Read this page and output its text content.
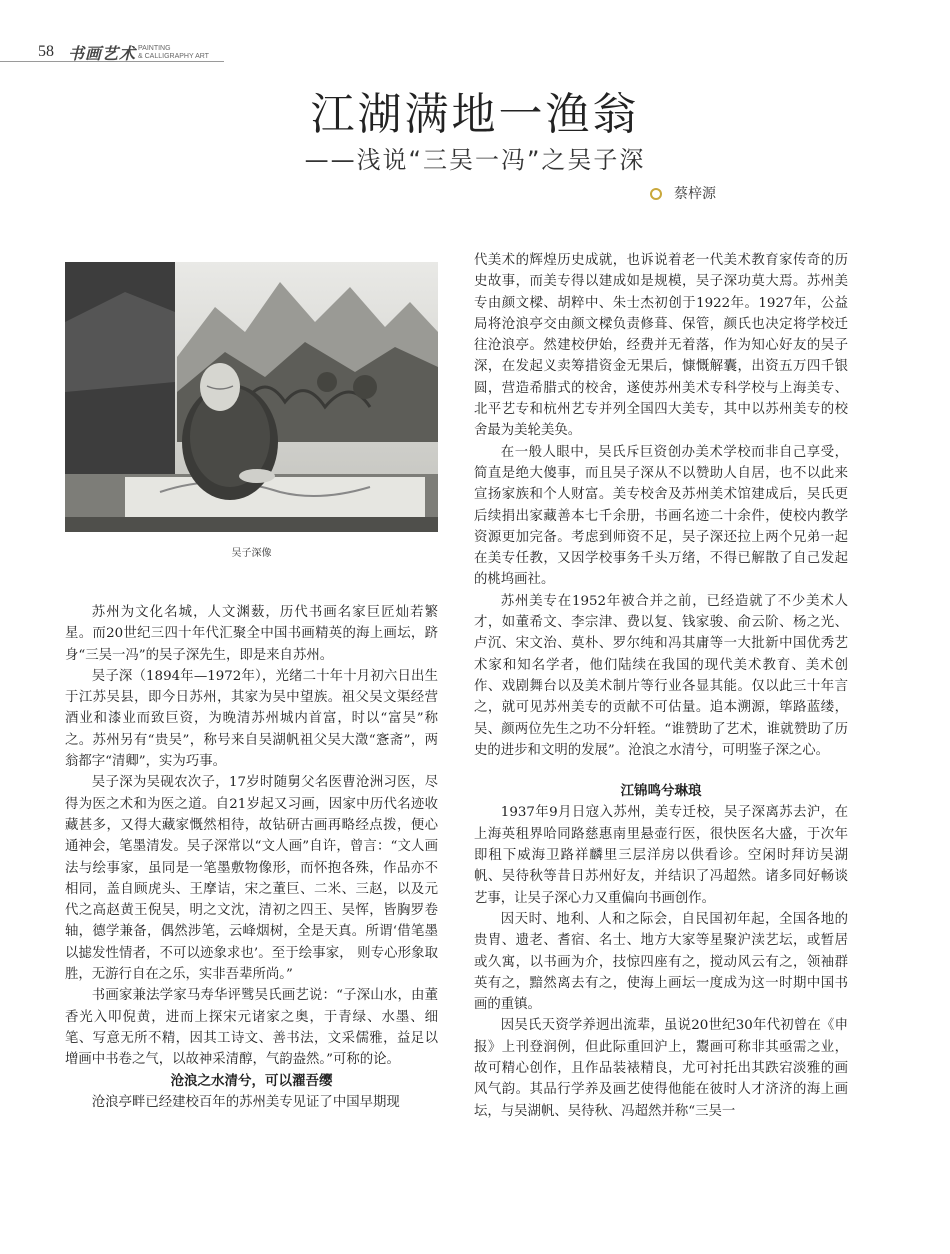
58 书画艺术 PAINTING
& CALLIGRAPHY ART
江湖满地一渔翁
——浅说“三吴一冯”之吴子深
蔡梓源
吴子深像

苏州为文化名城，人文渊薮，历代书画名家巨匠灿若繁星。而20世纪三四十年代汇聚全中国书画精英的海上画坛，跻身“三吴一冯”的吴子深先生，即是来自苏州。

吴子深（1894年—1972年），光绪二十年十月初六日出生于江苏吴县，即今日苏州，其家为吴中望族。祖父吴文渠经营酒业和漆业而致巨资，为晚清苏州城内首富，时以“富吴”称之。苏州另有“贵吴”，称号来自吴湖帆祖父吴大澂“愙斋”，两翁都字“清卿”，实为巧事。

吴子深为吴砚农次子，17岁时随舅父名医曹沧洲习医，尽得为医之术和为医之道。自21岁起又习画，因家中历代名迹收藏甚多，又得大藏家慨然相待，故钻研古画再略经点拨，便心通神会，笔墨清发。吴子深常以“文人画”自许，曾言：“文人画法与绘事家，虽同是一笔墨敷物像形，而怀抱各殊，作品亦不相同，盖自顾虎头、王摩诘，宋之董巨、二米、三赵，以及元代之高赵黄王倪吴，明之文沈，清初之四王、吴恽，皆胸罗卷轴，德学兼备，偶然涉笔，云峰烟树，全是天真。所谓‘借笔墨以摅发性情者，不可以迹象求也’。至于绘事家， 则专心形象取胜，无游行自在之乐，实非吾辈所尚。”

书画家兼法学家马寿华评骘吴氏画艺说：“子深山水，由董香光入叩倪黄，进而上探宋元诸家之奥，于青绿、水墨、细笔、写意无所不精，因其工诗文、善书法，文采儒雅，益足以增画中书卷之气，以故神采清醇，气韵盎然。”可称的论。

沧浪之水清兮，可以濯吾缨

沧浪亭畔已经建校百年的苏州美专见证了中国早期现

代美术的辉煌历史成就，也诉说着老一代美术教育家传奇的历史故事，而美专得以建成如是规模，吴子深功莫大焉。苏州美专由颜文樑、胡粹中、朱士杰初创于1922年。1927年，公益局将沧浪亭交由颜文樑负责修葺、保管，颜氏也决定将学校迁往沧浪亭。然建校伊始，经费并无着落，作为知心好友的吴子深，在发起义卖筹措资金无果后，慷慨解囊，出资五万四千银圆，营造希腊式的校舍，遂使苏州美术专科学校与上海美专、北平艺专和杭州艺专并列全国四大美专，其中以苏州美专的校舍最为美轮美奂。

在一般人眼中，吴氏斥巨资创办美术学校而非自己享受，简直是绝大傻事，而且吴子深从不以赞助人自居，也不以此来宣扬家族和个人财富。美专校舍及苏州美术馆建成后，吴氏更后续捐出家藏善本七千余册，书画名迹二十余件，使校内教学资源更加完备。考虑到师资不足，吴子深还拉上两个兄弟一起在美专任教，又因学校事务千头万绪，不得已解散了自己发起的桃坞画社。

苏州美专在1952年被合并之前，已经造就了不少美术人才，如董希文、李宗津、费以复、钱家骏、俞云阶、杨之光、卢沉、宋文治、莫朴、罗尔纯和冯其庸等一大批新中国优秀艺术家和知名学者，他们陆续在我国的现代美术教育、美术创作、戏剧舞台以及美术制片等行业各显其能。仅以此三十年言之，就可见苏州美专的贡献不可估量。追本溯源，筚路蓝缕，吴、颜两位先生之功不分轩轾。“谁赞助了艺术，谁就赞助了历史的进步和文明的发展”。沧浪之水清兮，可明鉴子深之心。

江锦鸣兮琳琅

1937年9月日寇入苏州，美专迁校，吴子深离苏去沪，在上海英租界哈同路慈惠南里悬壶行医，很快医名大盛，于次年即租下威海卫路祥麟里三层洋房以供看诊。空闲时拜访吴湖帆、吴待秋等昔日苏州好友，并结识了冯超然。诸多同好畅谈艺事，让吴子深心力又重偏向书画创作。

因天时、地利、人和之际会，自民国初年起，全国各地的贵胄、遗老、耆宿、名士、地方大家等星聚沪渎艺坛，或暂居或久寓，以书画为介，技惊四座有之，搅动风云有之，领袖群英有之，黯然离去有之，使海上画坛一度成为这一时期中国书画的重镇。

因吴氏天资学养迥出流辈，虽说20世纪30年代初曾在《申报》上刊登润例，但此际重回沪上，鬻画可称非其亟需之业，故可精心创作，且作品装裱精良，尤可衬托出其跌宕淡雅的画风气韵。其品行学养及画艺使得他能在彼时人才济济的海上画坛，与吴湖帆、吴待秋、冯超然并称“三吴一
